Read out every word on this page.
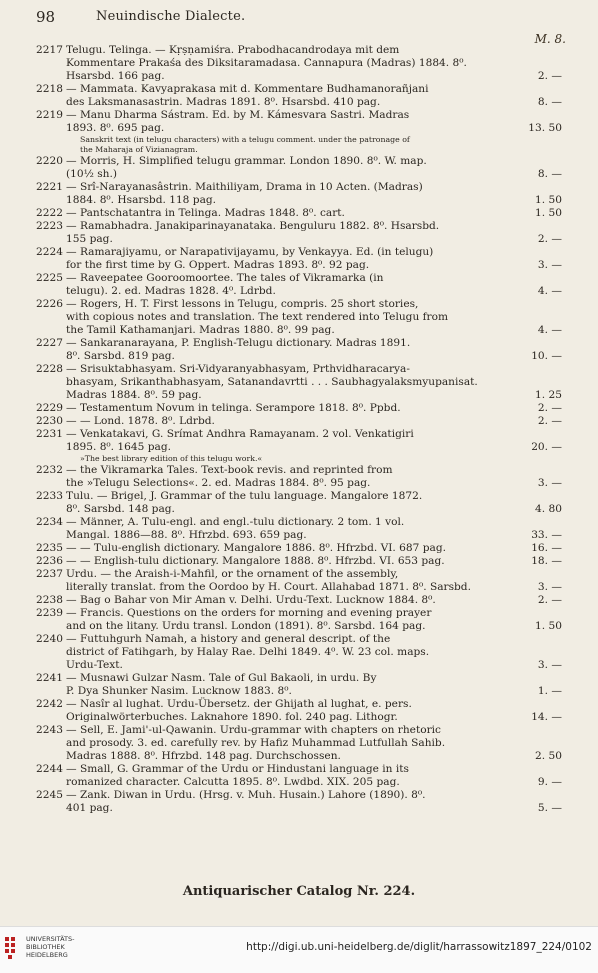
98	Neuindische Dialecte.
M. 8.
2217 Telugu. Telinga. — Kṛṣṇamiśra. Prabodhacandrodaya mit dem
Kommentare Prakaśa des Diksitaramadasa. Cannapura (Madras) 1884. 8⁰.
Hsarsbd. 166 pag.	2. —
2218 — Mammata. Kavyaprakasa mit d. Kommentare Budhamanorañjani
des Laksmanasastrin. Madras 1891. 8⁰. Hsarsbd. 410 pag.	8. —
2219 — Manu Dharma Sástram. Ed. by M. Kámesvara Sastri. Madras
1893. 8⁰. 695 pag.	13. 50
Sanskrit text (in telugu characters) with a telugu comment. under the patronage of
the Maharaja of Vizianagram.
2220 — Morris, H. Simplified telugu grammar. London 1890. 8⁰. W. map.
(10½ sh.)	8. —
2221 — Srî-Narayanasâstrin. Maithiliyam, Drama in 10 Acten. (Madras)
1884. 8⁰. Hsarsbd. 118 pag.	1. 50
2222 — Pantschatantra in Telinga. Madras 1848. 8⁰. cart.	1. 50
2223 — Ramabhadra. Janakiparinayanataka. Benguluru 1882. 8⁰. Hsarsbd.
155 pag.	2. —
2224 — Ramarajiyamu, or Narapativijayamu, by Venkayya. Ed. (in telugu)
for the first time by G. Oppert. Madras 1893. 8⁰. 92 pag.	3. —
2225 — Raveepatee Gooroomoortee. The tales of Vikramarka (in
telugu). 2. ed. Madras 1828. 4⁰. Ldrbd.	4. —
2226 — Rogers, H. T. First lessons in Telugu, compris. 25 short stories,
with copious notes and translation. The text rendered into Telugu from
the Tamil Kathamanjari. Madras 1880. 8⁰. 99 pag.	4. —
2227 — Sankaranarayana, P. English-Telugu dictionary. Madras 1891.
8⁰. Sarsbd. 819 pag.	10. —
2228 — Srisuktabhasyam. Sri-Vidyaranyabhasyam, Prthvidharacarya-
bhasyam, Srikanthabhasyam, Satanandavrtti . . . Saubhagyalaksmyupanisat.
Madras 1884. 8⁰. 59 pag.	1. 25
2229 — Testamentum Novum in telinga. Serampore 1818. 8⁰. Ppbd.	2. —
2230 — — Lond. 1878. 8⁰. Ldrbd.	2. —
2231 — Venkatakavi, G. Srímat Andhra Ramayanam. 2 vol. Venkatigiri
1895. 8⁰. 1645 pag.	20. —
»The best library edition of this telugu work.«
2232 — the Vikramarka Tales. Text-book revis. and reprinted from
the »Telugu Selections«. 2. ed. Madras 1884. 8⁰. 95 pag.	3. —
2233 Tulu. — Brigel, J. Grammar of the tulu language. Mangalore 1872.
8⁰. Sarsbd. 148 pag.	4. 80
2234 — Männer, A. Tulu-engl. and engl.-tulu dictionary. 2 tom. 1 vol.
Mangal. 1886—88. 8⁰. Hfrzbd. 693. 659 pag.	33. —
2235 — — Tulu-english dictionary. Mangalore 1886. 8⁰. Hfrzbd. VI. 687 pag.	16. —
2236 — — English-tulu dictionary. Mangalore 1888. 8⁰. Hfrzbd. VI. 653 pag.	18. —
2237 Urdu. — the Araish-i-Mahfil, or the ornament of the assembly,
literally translat. from the Oordoo by H. Court. Allahabad 1871. 8⁰. Sarsbd.	3. —
2238 — Bag o Bahar von Mir Aman v. Delhi. Urdu-Text. Lucknow 1884. 8⁰.	2. —
2239 — Francis. Questions on the orders for morning and evening prayer
and on the litany. Urdu transl. London (1891). 8⁰. Sarsbd. 164 pag.	1. 50
2240 — Futtuhgurh Namah, a history and general descript. of the
district of Fatihgarh, by Halay Rae. Delhi 1849. 4⁰. W. 23 col. maps.
Urdu-Text.	3. —
2241 — Musnawi Gulzar Nasm. Tale of Gul Bakaoli, in urdu. By
P. Dya Shunker Nasim. Lucknow 1883. 8⁰.	1. —
2242 — Nasîr al lughat. Urdu-Übersetz. der Ghijath al lughat, e. pers.
Originalwörterbuches. Laknahore 1890. fol. 240 pag. Lithogr.	14. —
2243 — Sell, E. Jami'-ul-Qawanin. Urdu-grammar with chapters on rhetoric
and prosody. 3. ed. carefully rev. by Hafiz Muhammad Lutfullah Sahib.
Madras 1888. 8⁰. Hfrzbd. 148 pag. Durchschossen.	2. 50
2244 — Small, G. Grammar of the Urdu or Hindustani language in its
romanized character. Calcutta 1895. 8⁰. Lwdbd. XIX. 205 pag.	9. —
2245 — Zank. Diwan in Urdu. (Hrsg. v. Muh. Husain.) Lahore (1890). 8⁰.
401 pag.	5. —
Antiquarischer Catalog Nr. 224.
UNIVERSITÄTS-
BIBLIOTHEK
HEIDELBERG
http://digi.ub.uni-heidelberg.de/diglit/harrassowitz1897_224/0102
